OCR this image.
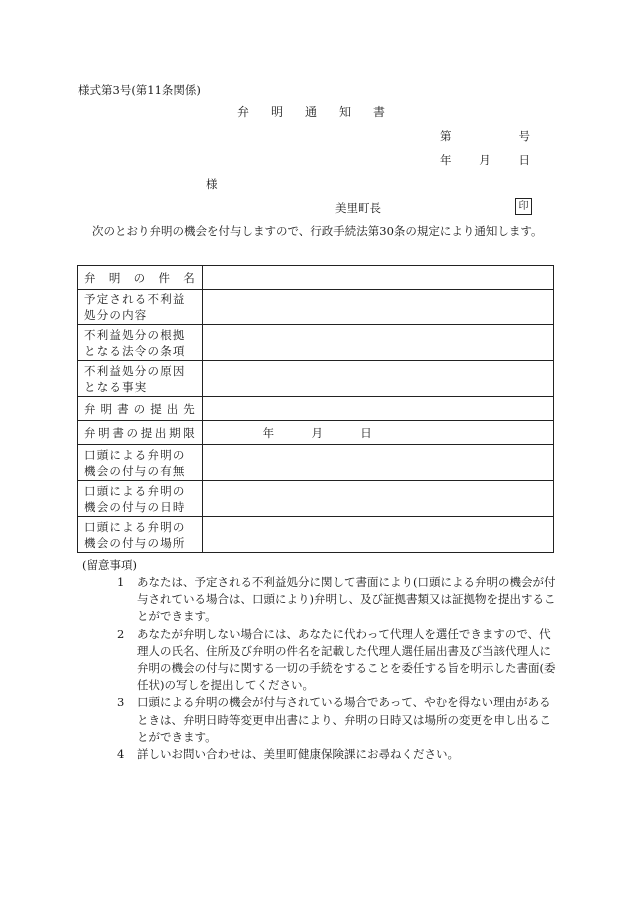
様式第3号(第11条関係)
弁明通知書
第	号
年 月 日
様
美里町長	印
次のとおり弁明の機会を付与しますので、行政手続法第30条の規定により通知します。
弁明の件名	
予定される不利益処分の内容	
不利益処分の根拠となる法令の条項	
不利益処分の原因となる事実	
弁明書の提出先	
弁明書の提出期限	年 月 日
口頭による弁明の機会の付与の有無	
口頭による弁明の機会の付与の日時	
口頭による弁明の機会の付与の場所	
(留意事項)
1 あなたは、予定される不利益処分に関して書面により(口頭による弁明の機会が付与されている場合は、口頭により)弁明し、及び証拠書類又は証拠物を提出することができます。
2 あなたが弁明しない場合には、あなたに代わって代理人を選任できますので、代理人の氏名、住所及び弁明の件名を記載した代理人選任届出書及び当該代理人に弁明の機会の付与に関する一切の手続をすることを委任する旨を明示した書面(委任状)の写しを提出してください。
3 口頭による弁明の機会が付与されている場合であって、やむを得ない理由があるときは、弁明日時等変更申出書により、弁明の日時又は場所の変更を申し出ることができます。
4 詳しいお問い合わせは、美里町健康保険課にお尋ねください。
